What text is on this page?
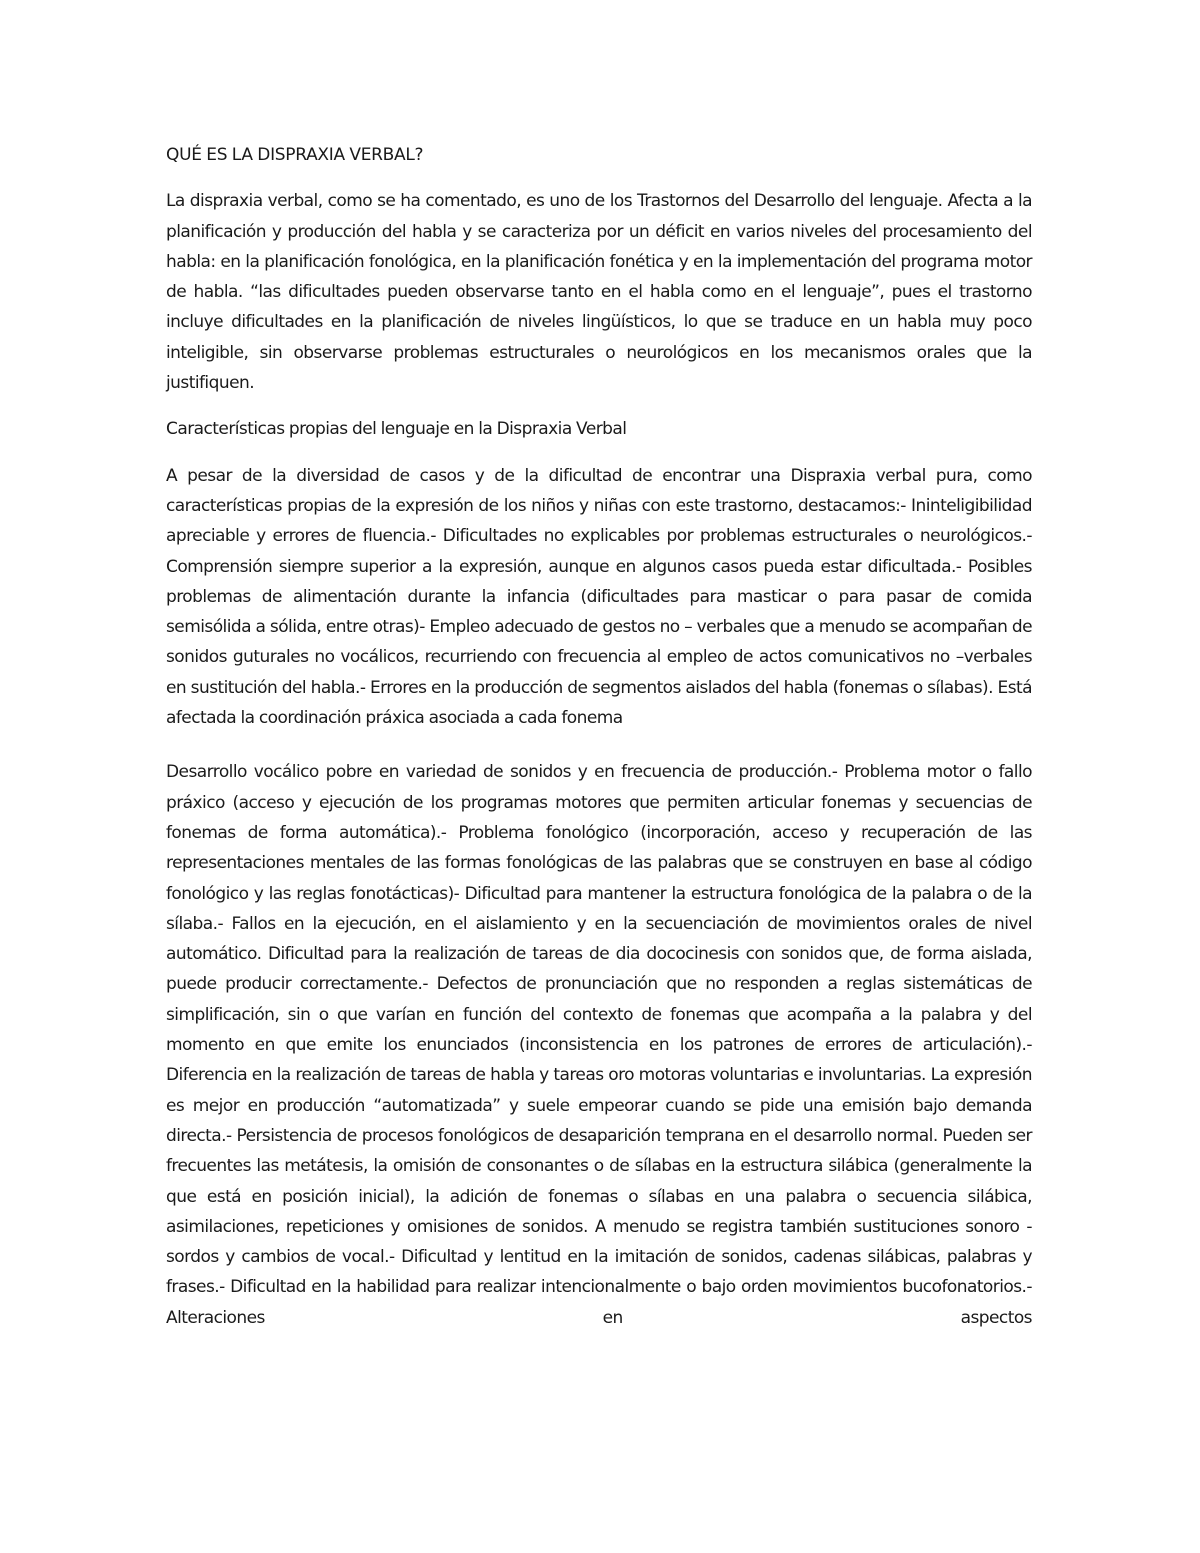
QUÉ ES LA DISPRAXIA VERBAL?

La dispraxia verbal, como se ha comentado, es uno de los Trastornos del Desarrollo del lenguaje. Afecta a la planificación y producción del habla y se caracteriza por un déficit en varios niveles del procesamiento del habla: en la planificación fonológica, en la planificación fonética y en la implementación del programa motor de habla. “las dificultades pueden observarse tanto en el habla como en el lenguaje”, pues el trastorno incluye dificultades en la planificación de niveles lingüísticos, lo que se traduce en un habla muy poco inteligible, sin observarse problemas estructurales o neurológicos en los mecanismos orales que la justifiquen.

Características propias del lenguaje en la Dispraxia Verbal

A pesar de la diversidad de casos y de la dificultad de encontrar una Dispraxia verbal pura, como características propias de la expresión de los niños y niñas con este trastorno, destacamos:- Ininteligibilidad apreciable y errores de fluencia.- Dificultades no explicables por problemas estructurales o neurológicos.- Comprensión siempre superior a la expresión, aunque en algunos casos pueda estar dificultada.- Posibles problemas de alimentación durante la infancia (dificultades para masticar o para pasar de comida semisólida a sólida, entre otras)- Empleo adecuado de gestos no – verbales que a menudo se acompañan de sonidos guturales no vocálicos, recurriendo con frecuencia al empleo de actos comunicativos no –verbales en sustitución del habla.- Errores en la producción de segmentos aislados del habla (fonemas o sílabas). Está afectada la coordinación práxica asociada a cada fonema

Desarrollo vocálico pobre en variedad de sonidos y en frecuencia de producción.- Problema motor o fallo práxico (acceso y ejecución de los programas motores que permiten articular fonemas y secuencias de fonemas de forma automática).- Problema fonológico (incorporación, acceso y recuperación de las representaciones mentales de las formas fonológicas de las palabras que se construyen en base al código fonológico y las reglas fonotácticas)- Dificultad para mantener la estructura fonológica de la palabra o de la sílaba.- Fallos en la ejecución, en el aislamiento y en la secuenciación de movimientos orales de nivel automático. Dificultad para la realización de tareas de dia dococinesis con sonidos que, de forma aislada, puede producir correctamente.- Defectos de pronunciación que no responden a reglas sistemáticas de simplificación, sin o que varían en función del contexto de fonemas que acompaña a la palabra y del momento en que emite los enunciados (inconsistencia en los patrones de errores de articulación).- Diferencia en la realización de tareas de habla y tareas oro motoras voluntarias e involuntarias. La expresión es mejor en producción “automatizada” y suele empeorar cuando se pide una emisión bajo demanda directa.- Persistencia de procesos fonológicos de desaparición temprana en el desarrollo normal. Pueden ser frecuentes las metátesis, la omisión de consonantes o de sílabas en la estructura silábica (generalmente la que está en posición inicial), la adición de fonemas o sílabas en una palabra o secuencia silábica, asimilaciones, repeticiones y omisiones de sonidos. A menudo se registra también sustituciones sonoro - sordos y cambios de vocal.- Dificultad y lentitud en la imitación de sonidos, cadenas silábicas, palabras y frases.- Dificultad en la habilidad para realizar intencionalmente o bajo orden movimientos bucofonatorios.- Alteraciones en aspectos
